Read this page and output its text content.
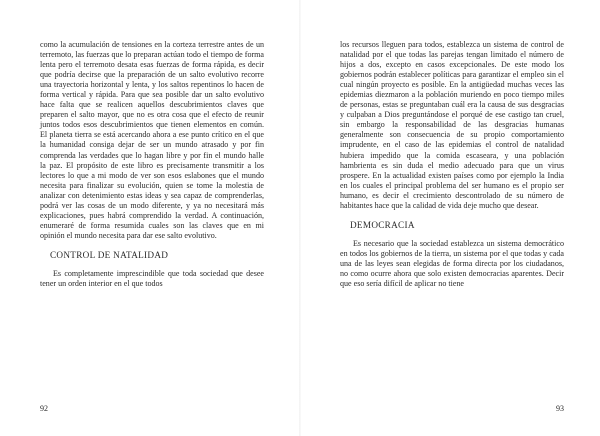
como la acumulación de tensiones en la corteza terrestre antes de un terremoto, las fuerzas que lo preparan actúan todo el tiempo de forma lenta pero el terremoto desata esas fuerzas de forma rápida, es decir que podría decirse que la preparación de un salto evolutivo recorre una trayectoria horizontal y lenta, y los saltos repentinos lo hacen de forma vertical y rápida. Para que sea posible dar un salto evolutivo hace falta que se realicen aquellos descubrimientos claves que preparen el salto mayor, que no es otra cosa que el efecto de reunir juntos todos esos descubrimientos que tienen elementos en común. El planeta tierra se está acercando ahora a ese punto crítico en el que la humanidad consiga dejar de ser un mundo atrasado y por fin comprenda las verdades que lo hagan libre y por fin el mundo halle la paz. El propósito de este libro es precisamente transmitir a los lectores lo que a mi modo de ver son esos eslabones que el mundo necesita para finalizar su evolución, quien se tome la molestia de analizar con detenimiento estas ideas y sea capaz de comprenderlas, podrá ver las cosas de un modo diferente, y ya no necesitará más explicaciones, pues habrá comprendido la verdad. A continuación, enumeraré de forma resumida cuales son las claves que en mi opinión el mundo necesita para dar ese salto evolutivo.

CONTROL DE NATALIDAD

Es completamente imprescindible que toda sociedad que desee tener un orden interior en el que todos

92

los recursos lleguen para todos, establezca un sistema de control de natalidad por el que todas las parejas tengan limitado el número de hijos a dos, excepto en casos excepcionales. De este modo los gobiernos podrán establecer políticas para garantizar el empleo sin el cual ningún proyecto es posible. En la antigüedad muchas veces las epidemias diezmaron a la población muriendo en poco tiempo miles de personas, estas se preguntaban cuál era la causa de sus desgracias y culpaban a Dios preguntándose el porqué de ese castigo tan cruel, sin embargo la responsabilidad de las desgracias humanas generalmente son consecuencia de su propio comportamiento imprudente, en el caso de las epidemias el control de natalidad hubiera impedido que la comida escaseara, y una población hambrienta es sin duda el medio adecuado para que un virus prospere. En la actualidad existen países como por ejemplo la India en los cuales el principal problema del ser humano es el propio ser humano, es decir el crecimiento descontrolado de su número de habitantes hace que la calidad de vida deje mucho que desear.

DEMOCRACIA

Es necesario que la sociedad establezca un sistema democrático en todos los gobiernos de la tierra, un sistema por el que todas y cada una de las leyes sean elegidas de forma directa por los ciudadanos, no como ocurre ahora que solo existen democracias aparentes. Decir que eso sería difícil de aplicar no tiene

93
